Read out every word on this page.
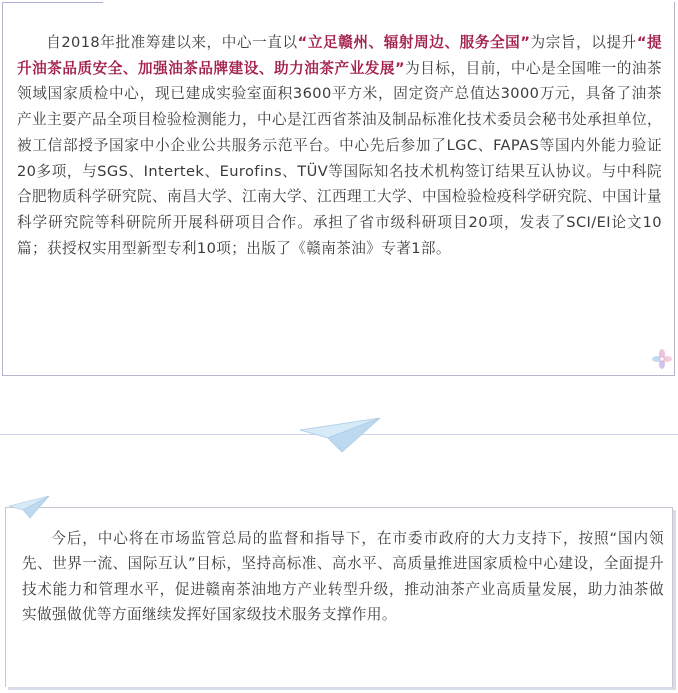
自2018年批准筹建以来，中心一直以“立足赣州、辐射周边、服务全国”为宗旨，以提升“提升油茶品质安全、加强油茶品牌建设、助力油茶产业发展”为目标，目前，中心是全国唯一的油茶领域国家质检中心，现已建成实验室面积3600平方米，固定资产总值达3000万元，具备了油茶产业主要产品全项目检验检测能力，中心是江西省茶油及制品标准化技术委员会秘书处承担单位，被工信部授予国家中小企业公共服务示范平台。中心先后参加了LGC、FAPAS等国内外能力验证20多项，与SGS、Intertek、Eurofins、TÜV等国际知名技术机构签订结果互认协议。与中科院合肥物质科学研究院、南昌大学、江南大学、江西理工大学、中国检验检疫科学研究院、中国计量科学研究院等科研院所开展科研项目合作。承担了省市级科研项目20项，发表了SCI/EI论文10篇；获授权实用型新型专利10项；出版了《赣南茶油》专著1部。

今后，中心将在市场监管总局的监督和指导下，在市委市政府的大力支持下，按照“国内领先、世界一流、国际互认”目标，坚持高标准、高水平、高质量推进国家质检中心建设，全面提升技术能力和管理水平，促进赣南茶油地方产业转型升级，推动油茶产业高质量发展，助力油茶做实做强做优等方面继续发挥好国家级技术服务支撑作用。
